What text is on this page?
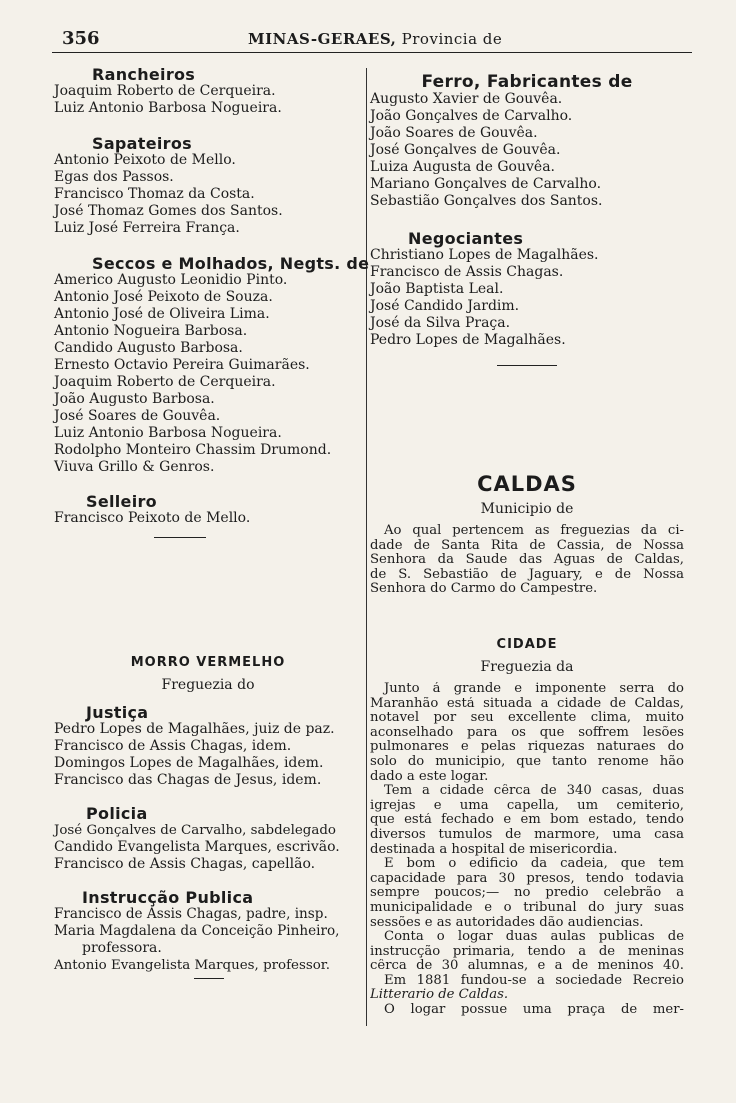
356	MINAS-GERAES, Provincia de
Rancheiros
Joaquim Roberto de Cerqueira.
Luiz Antonio Barbosa Nogueira.
Sapateiros
Antonio Peixoto de Mello.
Egas dos Passos.
Francisco Thomaz da Costa.
José Thomaz Gomes dos Santos.
Luiz José Ferreira França.
Seccos e Molhados, Negts. de
Americo Augusto Leonidio Pinto.
Antonio José Peixoto de Souza.
Antonio José de Oliveira Lima.
Antonio Nogueira Barbosa.
Candido Augusto Barbosa.
Ernesto Octavio Pereira Guimarães.
Joaquim Roberto de Cerqueira.
João Augusto Barbosa.
José Soares de Gouvêa.
Luiz Antonio Barbosa Nogueira.
Rodolpho Monteiro Chassim Drumond.
Viuva Grillo & Genros.
Selleiro
Francisco Peixoto de Mello.
MORRO VERMELHO
Freguezia do
Justiça
Pedro Lopes de Magalhães, juiz de paz.
Francisco de Assis Chagas, idem.
Domingos Lopes de Magalhães, idem.
Francisco das Chagas de Jesus, idem.
Policia
José Gonçalves de Carvalho, sabdelegado
Candido Evangelista Marques, escrivão.
Francisco de Assis Chagas, capellão.
Instrucção Publica
Francisco de Assis Chagas, padre, insp.
Maria Magdalena da Conceição Pinheiro,
professora.
Antonio Evangelista Marques, professor.
Ferro, Fabricantes de
Augusto Xavier de Gouvêa.
João Gonçalves de Carvalho.
João Soares de Gouvêa.
José Gonçalves de Gouvêa.
Luiza Augusta de Gouvêa.
Mariano Gonçalves de Carvalho.
Sebastião Gonçalves dos Santos.
Negociantes
Christiano Lopes de Magalhães.
Francisco de Assis Chagas.
João Baptista Leal.
José Candido Jardim.
José da Silva Praça.
Pedro Lopes de Magalhães.
CALDAS
Municipio de
Ao qual pertencem as freguezias da ci-
dade de Santa Rita de Cassia, de Nossa
Senhora da Saude das Aguas de Caldas,
de S. Sebastião de Jaguary, e de Nossa
Senhora do Carmo do Campestre.
CIDADE
Freguezia da
Junto á grande e imponente serra do
Maranhão está situada a cidade de Caldas,
notavel por seu excellente clima, muito
aconselhado para os que soffrem lesões
pulmonares e pelas riquezas naturaes do
solo do municipio, que tanto renome hão
dado a este logar.
Tem a cidade cêrca de 340 casas, duas
igrejas e uma capella, um cemiterio,
que está fechado e em bom estado, tendo
diversos tumulos de marmore, uma casa
destinada a hospital de misericordia.
É bom o edificio da cadeia, que tem
capacidade para 30 presos, tendo todavia
sempre poucos;— no predio celebrão a
municipalidade e o tribunal do jury suas
sessões e as autoridades dão audiencias.
Conta o logar duas aulas publicas de
instrucção primaria, tendo a de meninas
cêrca de 30 alumnas, e a de meninos 40.
Em 1881 fundou-se a sociedade Recreio
Litterario de Caldas.
O logar possue uma praça de mer-
